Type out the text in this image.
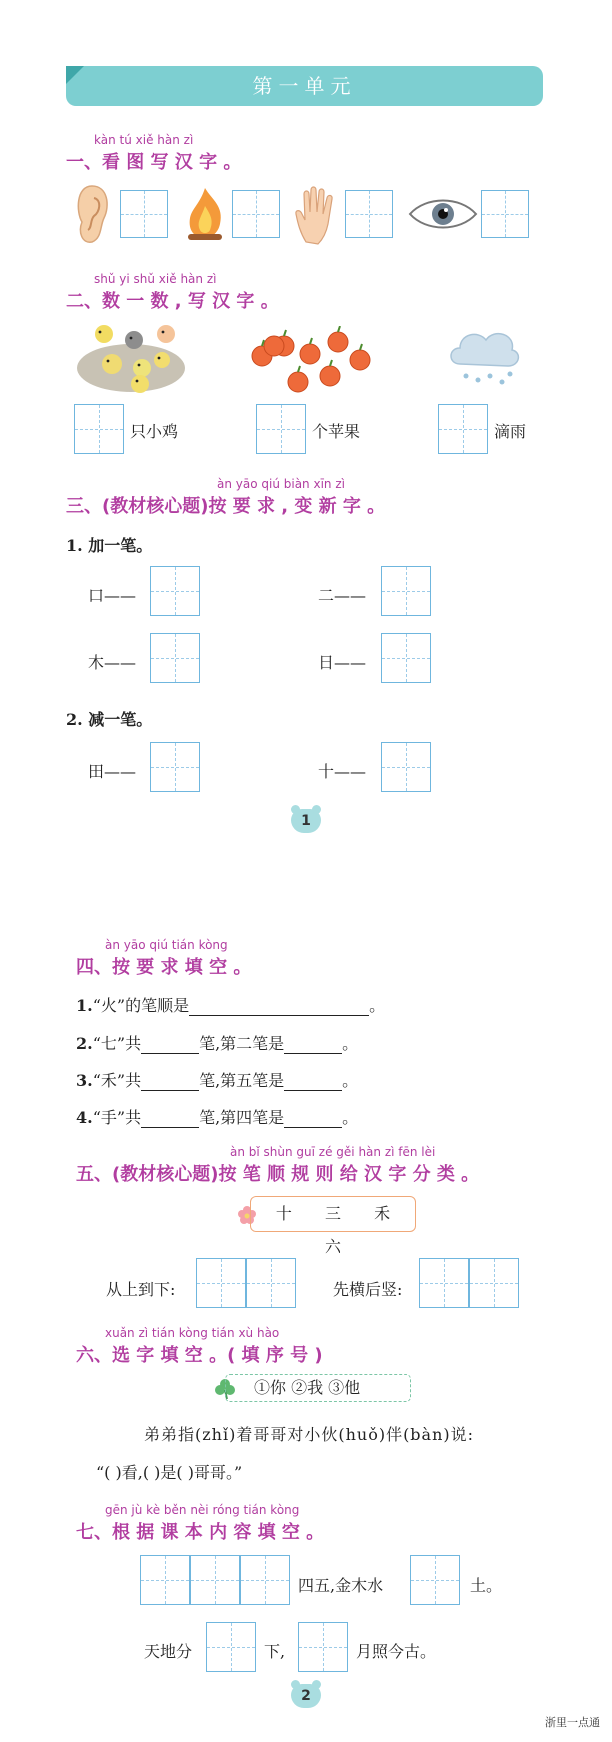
第一单元
kàn tú xiě hàn zì
一、看 图 写 汉 字 。
shǔ yi shǔ xiě hàn zì
二、数 一 数 , 写 汉 字 。
只小鸡	个苹果	滴雨
àn yāo qiú biàn xīn zì
三、(教材核心题)按 要 求 , 变 新 字 。
1. 加一笔。
口——	二——
木——	日——
2. 减一笔。
田——	十——
1
àn yāo qiú tián kòng
四、按 要 求 填 空 。
1.“火”的笔顺是	。
2.“七”共	笔,第二笔是	。
3.“禾”共	笔,第五笔是	。
4.“手”共	笔,第四笔是	。
àn bǐ shùn guī zé gěi hàn zì fēn lèi
五、(教材核心题)按 笔 顺 规 则 给 汉 字 分 类 。
十 三 禾 六
从上到下:	先横后竖:
xuǎn zì tián kòng tián xù hào
六、选 字 填 空 。( 填 序 号 )
①你 ②我 ③他
弟弟指(zhǐ)着哥哥对小伙(huǒ)伴(bàn)说:
“( )看,( )是( )哥哥。”
gēn jù kè běn nèi róng tián kòng
七、根 据 课 本 内 容 填 空 。
四五,金木水	土。
天地分	下,	月照今古。
2
浙里一点通
